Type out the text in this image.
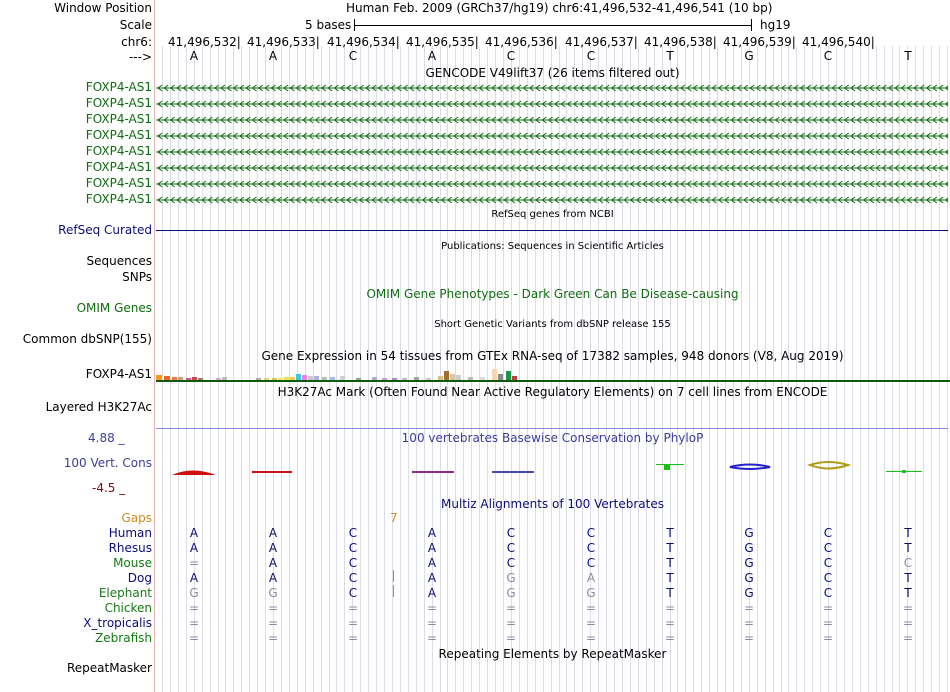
Window Position	Human Feb. 2009 (GRCh37/hg19) chr6:41,496,532-41,496,541 (10 bp)
Scale	5 bases	hg19
chr6: 41,496,532| 41,496,533| 41,496,534| 41,496,535| 41,496,536| 41,496,537| 41,496,538| 41,496,539| 41,496,540|
--->	A	A	C	A	C	C	T	G	C	T
GENCODE V49lift37 (26 items filtered out)
FOXP4-AS1
FOXP4-AS1
FOXP4-AS1
FOXP4-AS1
FOXP4-AS1
FOXP4-AS1
FOXP4-AS1
FOXP4-AS1
RefSeq genes from NCBI
RefSeq Curated
Publications: Sequences in Scientific Articles
Sequences
SNPs
OMIM Gene Phenotypes - Dark Green Can Be Disease-causing
OMIM Genes
Short Genetic Variants from dbSNP release 155
Common dbSNP(155)
Gene Expression in 54 tissues from GTEx RNA-seq of 17382 samples, 948 donors (V8, Aug 2019)
FOXP4-AS1
H3K27Ac Mark (Often Found Near Active Regulatory Elements) on 7 cell lines from ENCODE
Layered H3K27Ac
100 vertebrates Basewise Conservation by PhyloP
4.88 _
100 Vert. Cons
-4.5 _
Multiz Alignments of 100 Vertebrates
Gaps	7
Human	A	A	C	A	C	C	T	G	C	T
Rhesus	A	A	C	A	C	C	T	G	C	T
Mouse	=	A	C	A	C	C	T	G	C	C
Dog	A	A	C	A	G	A	T	G	C	T
Elephant	G	G	C	A	G	G	T	G	C	T
Chicken	=	=	=	=	=	=	=	=	=	=
X_tropicalis	=	=	=	=	=	=	=	=	=	=
Zebrafish	=	=	=	=	=	=	=	=	=	=
Repeating Elements by RepeatMasker
RepeatMasker
